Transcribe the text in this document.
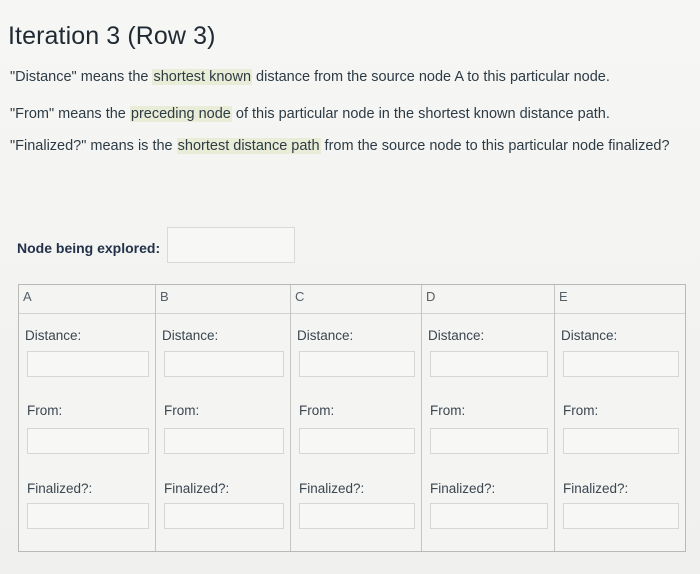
Iteration 3 (Row 3)
"Distance" means the shortest known distance from the source node A to this particular node.
"From" means the preceding node of this particular node in the shortest known distance path.
"Finalized?" means is the shortest distance path from the source node to this particular node finalized?
Node being explored:
A
Distance:
From:
Finalized?:
B
Distance:
From:
Finalized?:
C
Distance:
From:
Finalized?:
D
Distance:
From:
Finalized?:
E
Distance:
From:
Finalized?:
